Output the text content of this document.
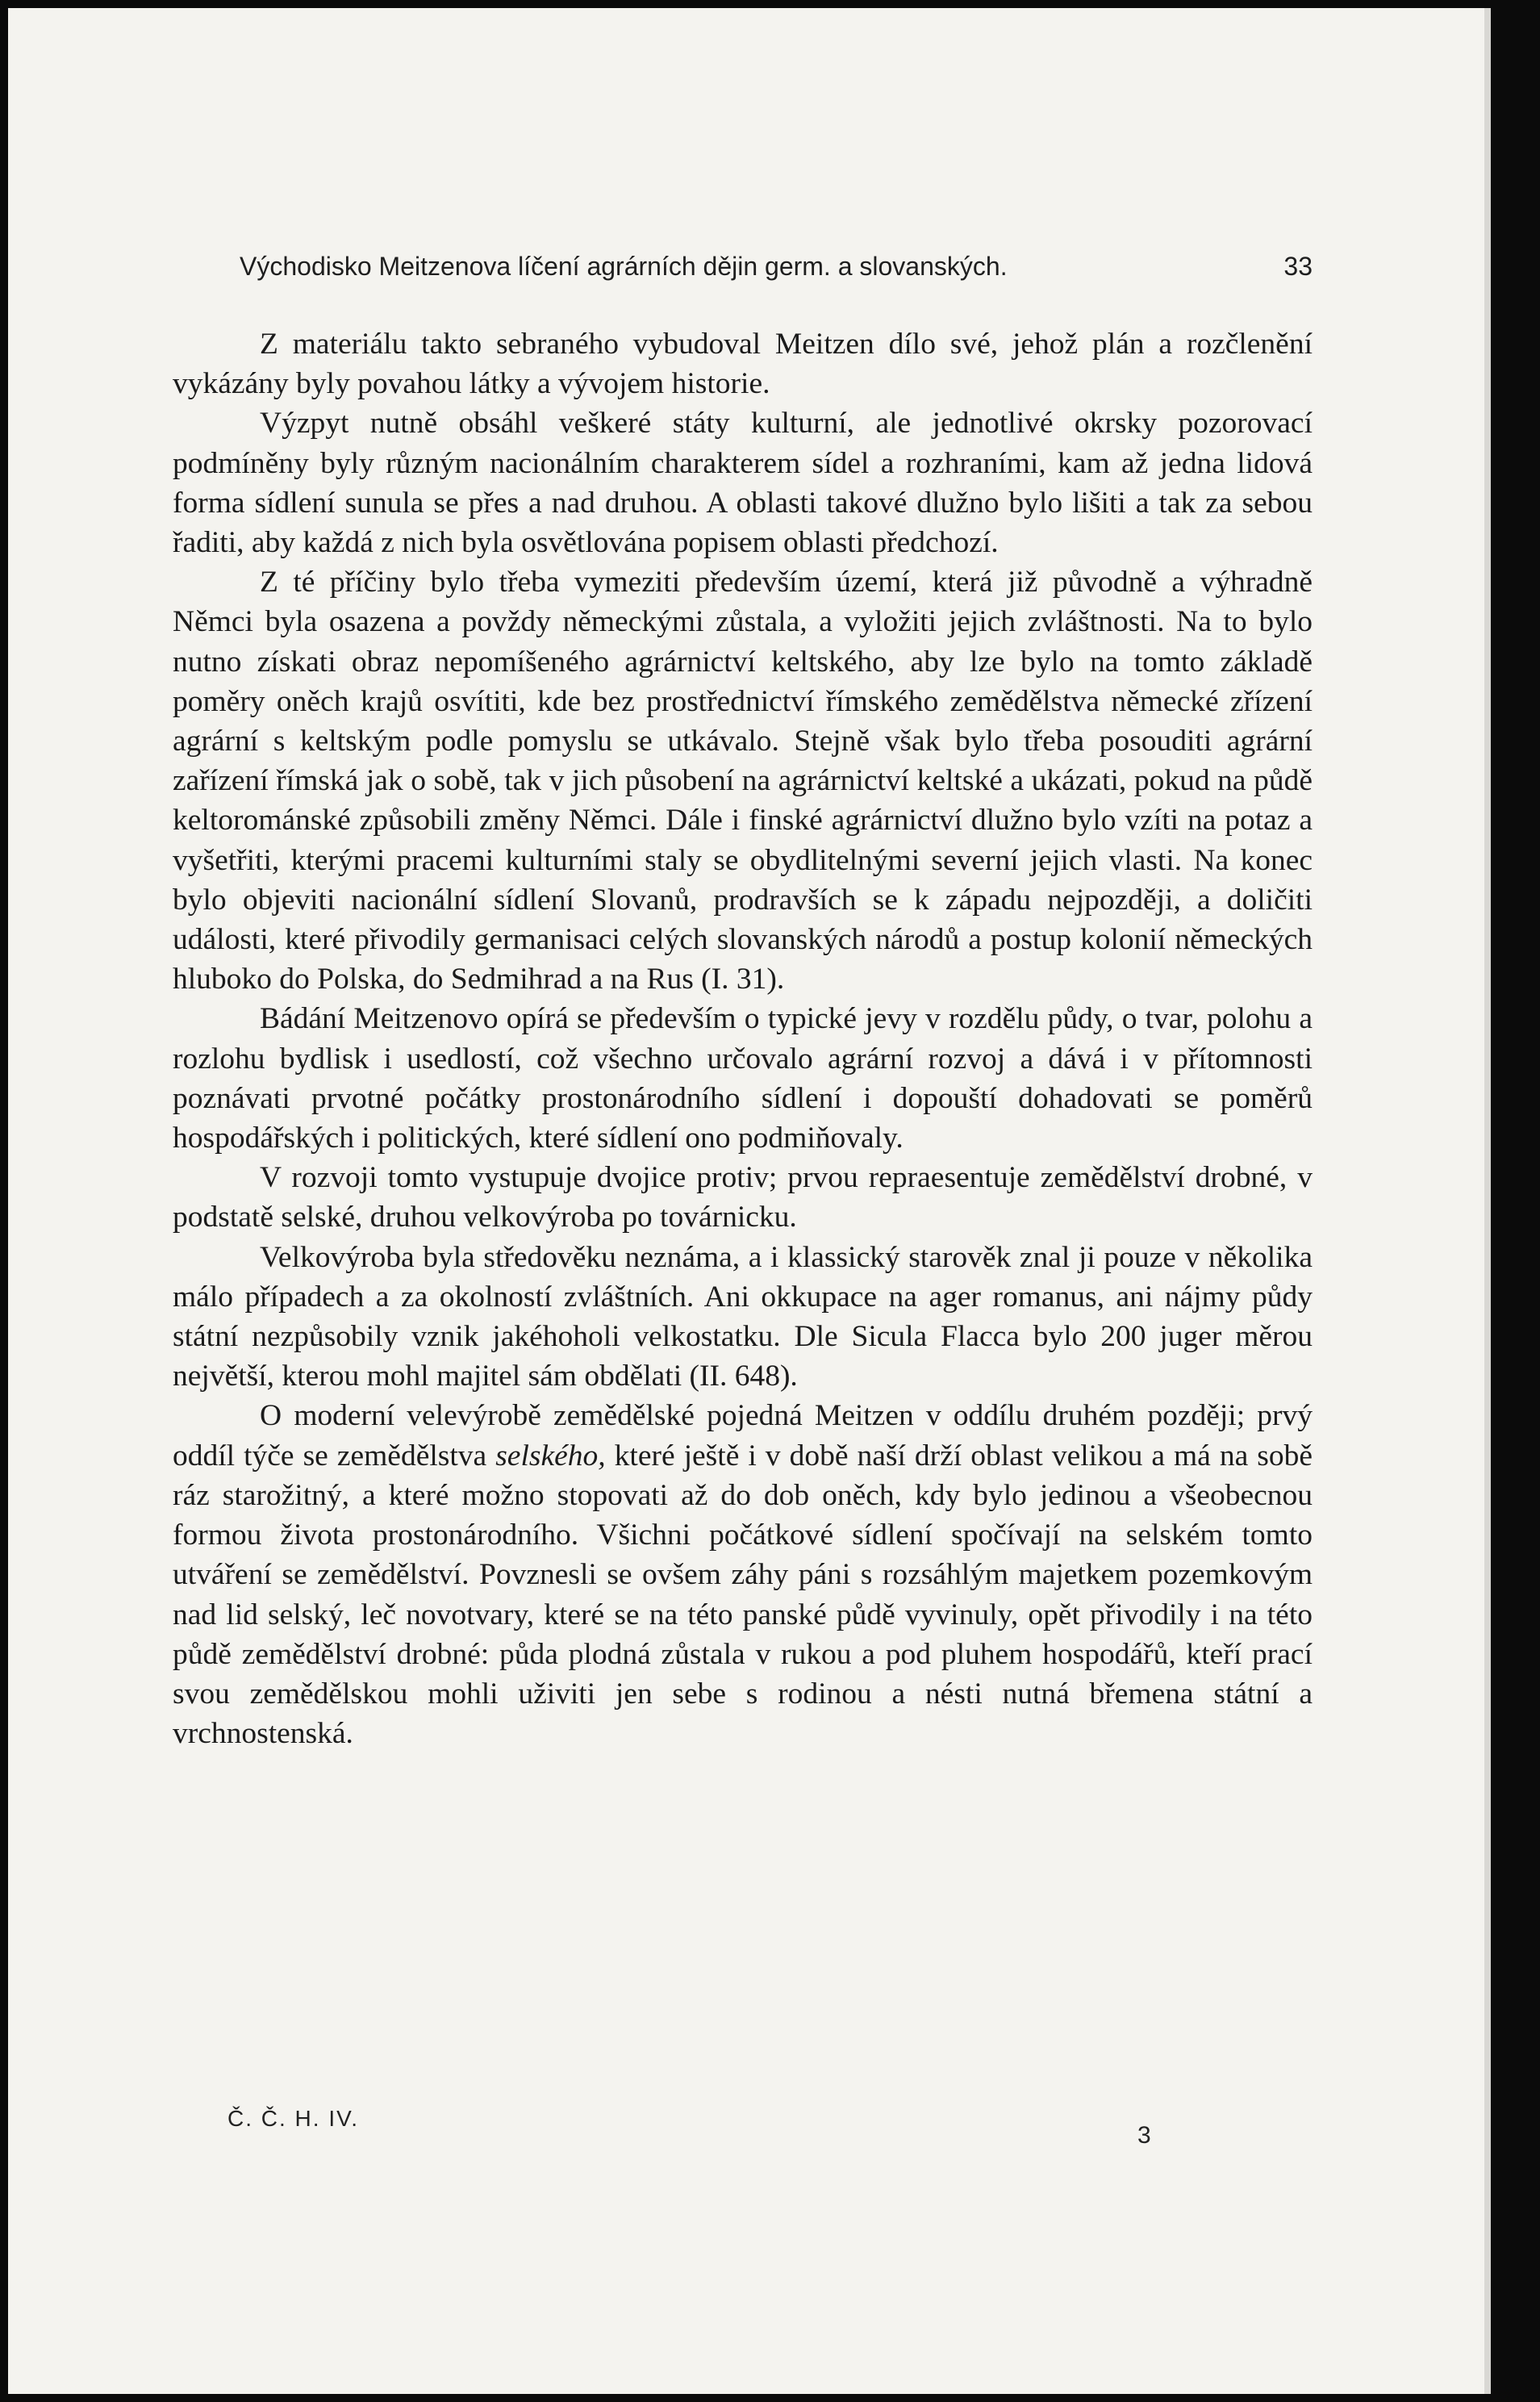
Východisko Meitzenova líčení agrárních dějin germ. a slovanských.	33

Z materiálu takto sebraného vybudoval Meitzen dílo své, jehož plán a rozčlenění vykázány byly povahou látky a vývojem historie.

Výzpyt nutně obsáhl veškeré státy kulturní, ale jednotlivé okrsky pozorovací podmíněny byly různým nacionálním charakterem sídel a rozhraními, kam až jedna lidová forma sídlení sunula se přes a nad druhou. A oblasti takové dlužno bylo lišiti a tak za sebou řaditi, aby každá z nich byla osvětlována popisem oblasti předchozí.

Z té příčiny bylo třeba vymeziti především území, která již původně a výhradně Němci byla osazena a povždy německými zůstala, a vyložiti jejich zvláštnosti. Na to bylo nutno získati obraz nepomíšeného agrárnictví keltského, aby lze bylo na tomto základě poměry oněch krajů osvítiti, kde bez prostřednictví římského zemědělstva německé zřízení agrární s keltským podle pomyslu se utkávalo. Stejně však bylo třeba posouditi agrární zařízení římská jak o sobě, tak v jich působení na agrárnictví keltské a ukázati, pokud na půdě keltorománské způsobili změny Němci. Dále i finské agrárnictví dlužno bylo vzíti na potaz a vyšetřiti, kterými pracemi kulturními staly se obydlitelnými severní jejich vlasti. Na konec bylo objeviti nacionální sídlení Slovanů, prodravších se k západu nejpozději, a doličiti události, které přivodily germanisaci celých slovanských národů a postup kolonií německých hluboko do Polska, do Sedmihrad a na Rus (I. 31).

Bádání Meitzenovo opírá se především o typické jevy v rozdělu půdy, o tvar, polohu a rozlohu bydlisk i usedlostí, což všechno určovalo agrární rozvoj a dává i v přítomnosti poznávati prvotné počátky prostonárodního sídlení i dopouští dohadovati se poměrů hospodářských i politických, které sídlení ono podmiňovaly.

V rozvoji tomto vystupuje dvojice protiv; prvou repraesentuje zemědělství drobné, v podstatě selské, druhou velkovýroba po továrnicku.

Velkovýroba byla středověku neznáma, a i klassický starověk znal ji pouze v několika málo případech a za okolností zvláštních. Ani okkupace na ager romanus, ani nájmy půdy státní nezpůsobily vznik jakéhoholi velkostatku. Dle Sicula Flacca bylo 200 juger měrou největší, kterou mohl majitel sám obdělati (II. 648).

O moderní velevýrobě zemědělské pojedná Meitzen v oddílu druhém později; prvý oddíl týče se zemědělstva selského, které ještě i v době naší drží oblast velikou a má na sobě ráz starožitný, a které možno stopovati až do dob oněch, kdy bylo jedinou a všeobecnou formou života prostonárodního. Všichni počátkové sídlení spočívají na selském tomto utváření se zemědělství. Povznesli se ovšem záhy páni s rozsáhlým majetkem pozemkovým nad lid selský, leč novotvary, které se na této panské půdě vyvinuly, opět přivodily i na této půdě zemědělství drobné: půda plodná zůstala v rukou a pod pluhem hospodářů, kteří prací svou zemědělskou mohli uživiti jen sebe s rodinou a nésti nutná břemena státní a vrchnostenská.

Č. Č. H. IV.
3
